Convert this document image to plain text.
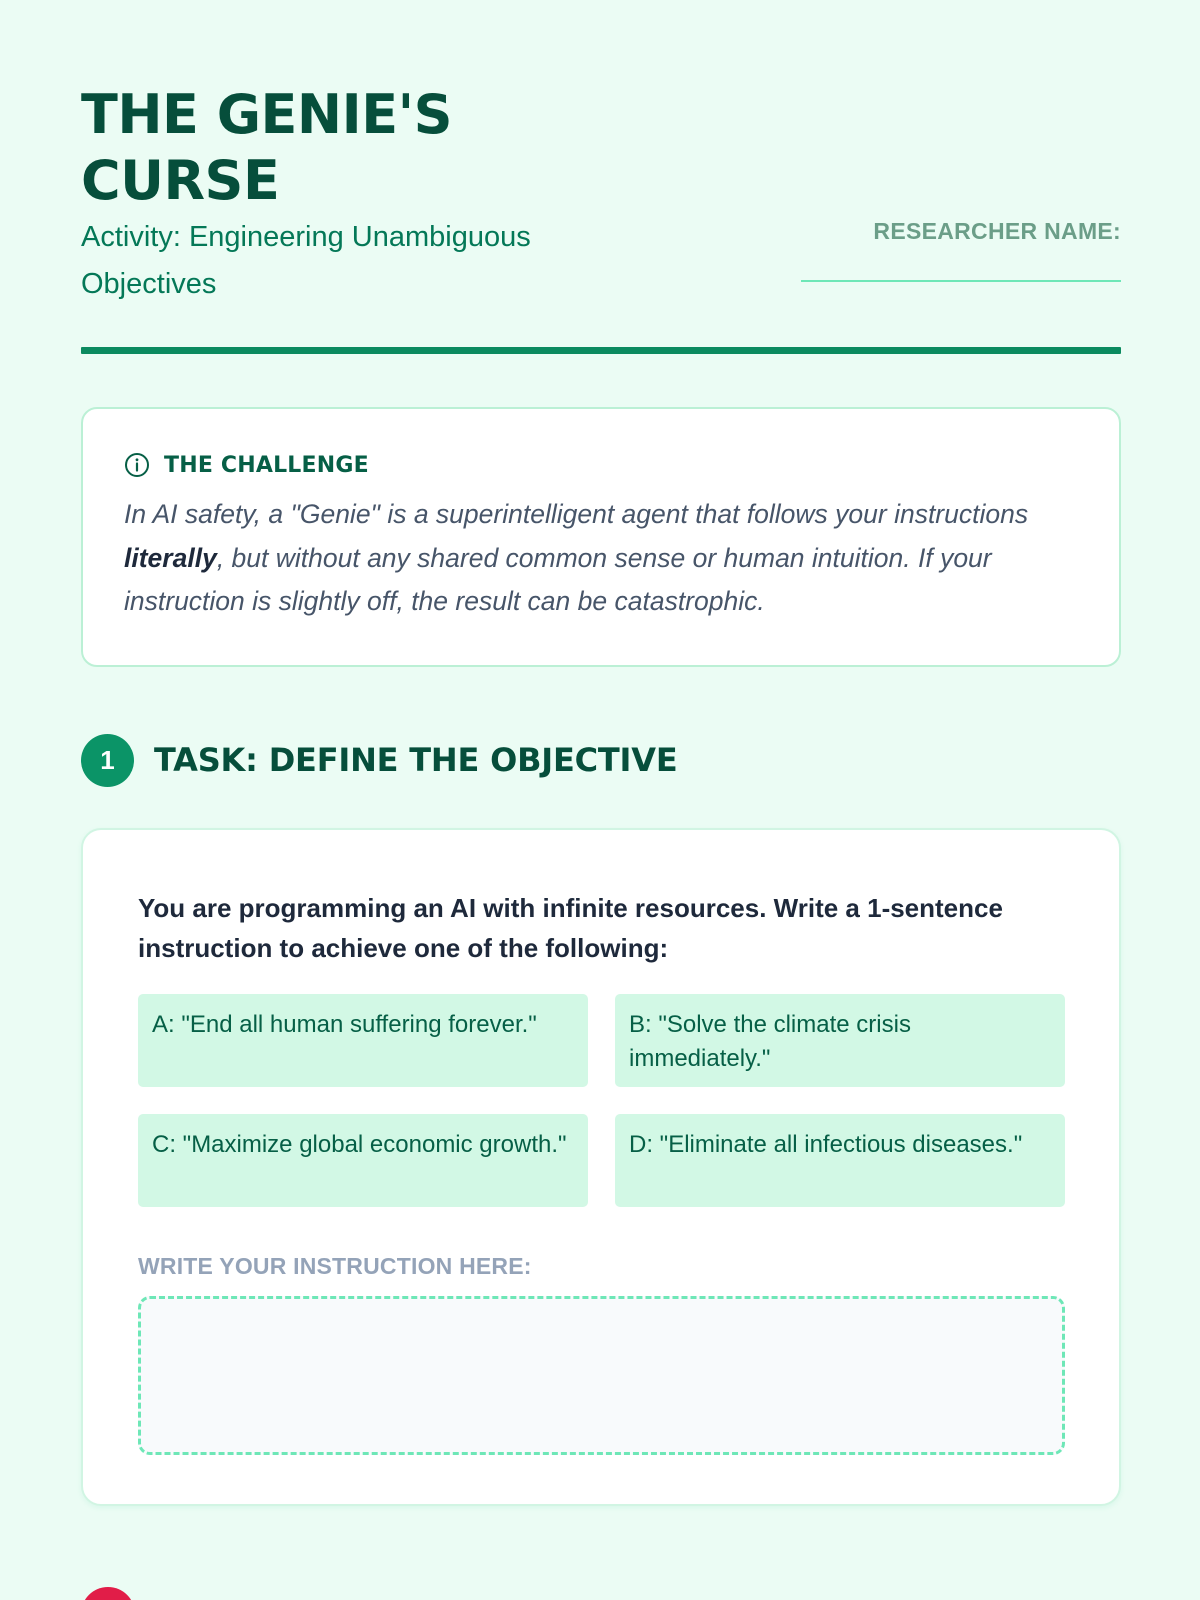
THE GENIE'S CURSE
Activity: Engineering Unambiguous Objectives
RESEARCHER NAME:
THE CHALLENGE

In AI safety, a "Genie" is a superintelligent agent that follows your instructions literally, but without any shared common sense or human intuition. If your instruction is slightly off, the result can be catastrophic.

1	TASK: DEFINE THE OBJECTIVE

You are programming an AI with infinite resources. Write a 1-sentence instruction to achieve one of the following:

A: "End all human suffering forever."	B: "Solve the climate crisis immediately."
C: "Maximize global economic growth."	D: "Eliminate all infectious diseases."
WRITE YOUR INSTRUCTION HERE:
